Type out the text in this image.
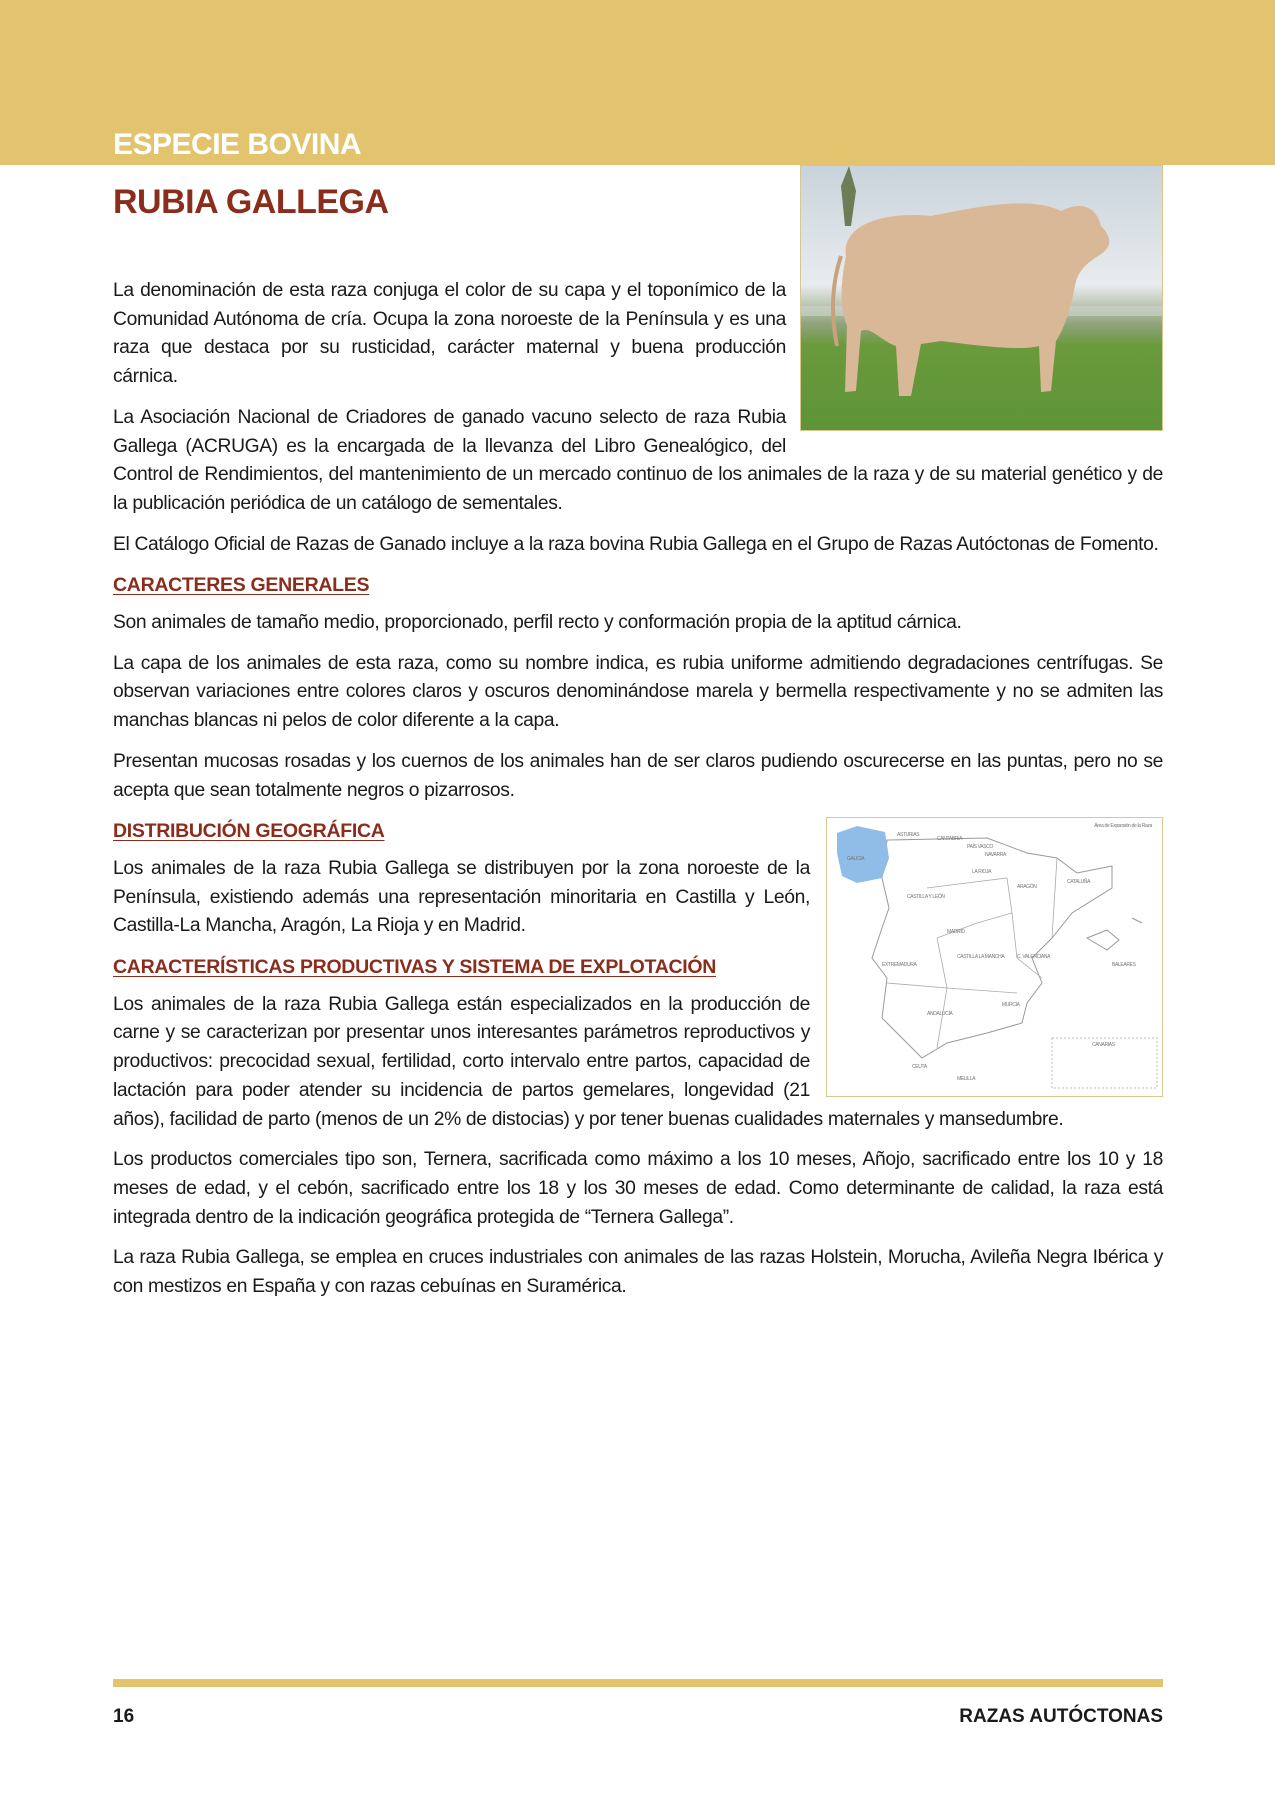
ESPECIE BOVINA
RUBIA GALLEGA

La denominación de esta raza conjuga el color de su capa y el toponímico de la Comunidad Autónoma de cría. Ocupa la zona noroeste de la Península y es una raza que destaca por su rusticidad, carácter maternal y buena producción cárnica.

La Asociación Nacional de Criadores de ganado vacuno selecto de raza Rubia Gallega (ACRUGA) es la encargada de la llevanza del Libro Genealógico, del Control de Rendimientos, del mantenimiento de un mercado continuo de los animales de la raza y de su material genético y de la publicación periódica de un catálogo de sementales.

El Catálogo Oficial de Razas de Ganado incluye a la raza bovina Rubia Gallega en el Grupo de Razas Autóctonas de Fomento.

CARACTERES GENERALES

Son animales de tamaño medio, proporcionado, perfil recto y conformación propia de la aptitud cárnica.

La capa de los animales de esta raza, como su nombre indica, es rubia uniforme admitiendo degradaciones centrífugas. Se observan variaciones entre colores claros y oscuros denominándose marela y bermella respectivamente y no se admiten las manchas blancas ni pelos de color diferente a la capa.

Presentan mucosas rosadas y los cuernos de los animales han de ser claros pudiendo oscurecerse en las puntas, pero no se acepta que sean totalmente negros o pizarrosos.

Área de Expansión de la Raza
GALICIA
ASTURIAS
CANTABRIA
PAÍS VASCO
NAVARRA
LA RIOJA
ARAGÓN
CATALUÑA
CASTILLA Y LEÓN
MADRID
CASTILLA LA MANCHA	C. VALENCIANA
EXTREMADURA
ANDALUCÍA
MURCIA
BALEARES
CANARIAS
CEUTA
MELILLA
DISTRIBUCIÓN GEOGRÁFICA

Los animales de la raza Rubia Gallega se distribuyen por la zona noroeste de la Península, existiendo además una representación minoritaria en Castilla y León, Castilla-La Mancha, Aragón, La Rioja y en Madrid.

CARACTERÍSTICAS PRODUCTIVAS Y SISTEMA DE EXPLOTACIÓN

Los animales de la raza Rubia Gallega están especializados en la producción de carne y se caracterizan por presentar unos interesantes parámetros reproductivos y productivos: precocidad sexual, fertilidad, corto intervalo entre partos, capacidad de lactación para poder atender su incidencia de partos gemelares, longevidad (21 años), facilidad de parto (menos de un 2% de distocias) y por tener buenas cualidades maternales y mansedumbre.

Los productos comerciales tipo son, Ternera, sacrificada como máximo a los 10 meses, Añojo, sacrificado entre los 10 y 18 meses de edad, y el cebón, sacrificado entre los 18 y los 30 meses de edad. Como determinante de calidad, la raza está integrada dentro de la indicación geográfica protegida de “Ternera Gallega”.

La raza Rubia Gallega, se emplea en cruces industriales con animales de las razas Holstein, Morucha, Avileña Negra Ibérica y con mestizos en España y con razas cebuínas en Suramérica.

16	RAZAS AUTÓCTONAS
